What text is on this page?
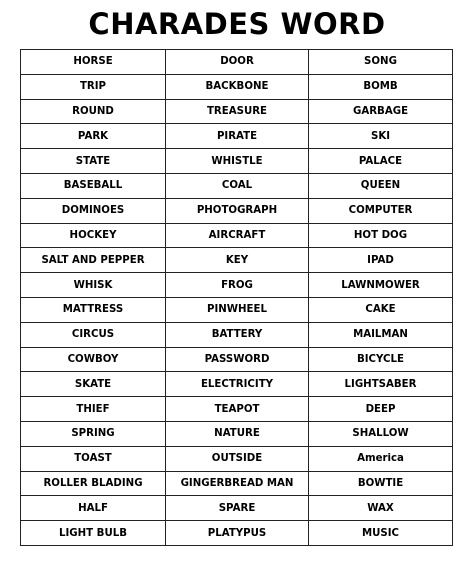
CHARADES WORD
HORSE	DOOR	SONG
TRIP	BACKBONE	BOMB
ROUND	TREASURE	GARBAGE
PARK	PIRATE	SKI
STATE	WHISTLE	PALACE
BASEBALL	COAL	QUEEN
DOMINOES	PHOTOGRAPH	COMPUTER
HOCKEY	AIRCRAFT	HOT DOG
SALT AND PEPPER	KEY	IPAD
WHISK	FROG	LAWNMOWER
MATTRESS	PINWHEEL	CAKE
CIRCUS	BATTERY	MAILMAN
COWBOY	PASSWORD	BICYCLE
SKATE	ELECTRICITY	LIGHTSABER
THIEF	TEAPOT	DEEP
SPRING	NATURE	SHALLOW
TOAST	OUTSIDE	America
ROLLER BLADING	GINGERBREAD MAN	BOWTIE
HALF	SPARE	WAX
LIGHT BULB	PLATYPUS	MUSIC
